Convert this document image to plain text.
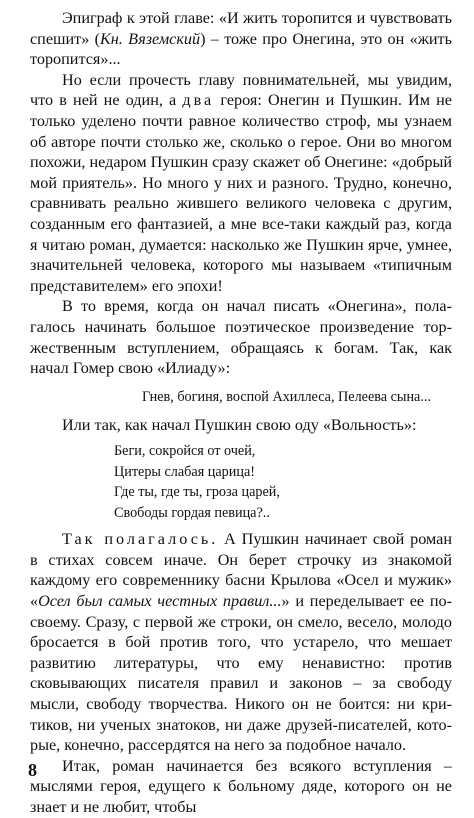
Эпиграф к этой главе: «И жить торопится и чувствовать спешит» (Кн. Вяземский) – тоже про Онегина, это он «жить торопится»...

Но если прочесть главу повнимательней, мы увидим, что в ней не один, а два героя: Онегин и Пушкин. Им не только уделено почти равное количество строф, мы узнаем об авторе почти столько же, сколько о герое. Они во многом похожи, недаром Пушкин сразу скажет об Онегине: «добрый мой приятель». Но много у них и разного. Трудно, конечно, сравнивать реально жившего великого человека с другим, созданным его фантазией, а мне все-таки каждый раз, когда я читаю роман, думается: насколько же Пушкин ярче, умнее, значительней человека, которого мы называем «типичным представителем» его эпохи!

В то время, когда он начал писать «Онегина», полагалось начинать большое поэтическое произведение торжественным вступлением, обращаясь к богам. Так, как начал Гомер свою «Илиаду»:

Гнев, богиня, воспой Ахиллеса, Пелеева сына...

Или так, как начал Пушкин свою оду «Вольность»:

Беги, сокройся от очей,
Цитеры слабая царица!
Где ты, где ты, гроза царей,
Свободы гордая певица?..

Так полагалось. А Пушкин начинает свой роман в стихах совсем иначе. Он берет строчку из знакомой каждому его современнику басни Крылова «Осел и мужик» «Осел был самых честных правил...» и переделывает ее посвоему. Сразу, с первой же строки, он смело, весело, молодо бросается в бой против того, что устарело, что мешает развитию литературы, что ему ненавистно: против сковывающих писателя правил и законов – за свободу мысли, свободу творчества. Никого он не боится: ни критиков, ни ученых знатоков, ни даже друзей-писателей, которые, конечно, рассердятся на него за подобное начало.

Итак, роман начинается без всякого вступления – мыслями героя, едущего к больному дяде, которого он не знает и не любит, чтобы

8
